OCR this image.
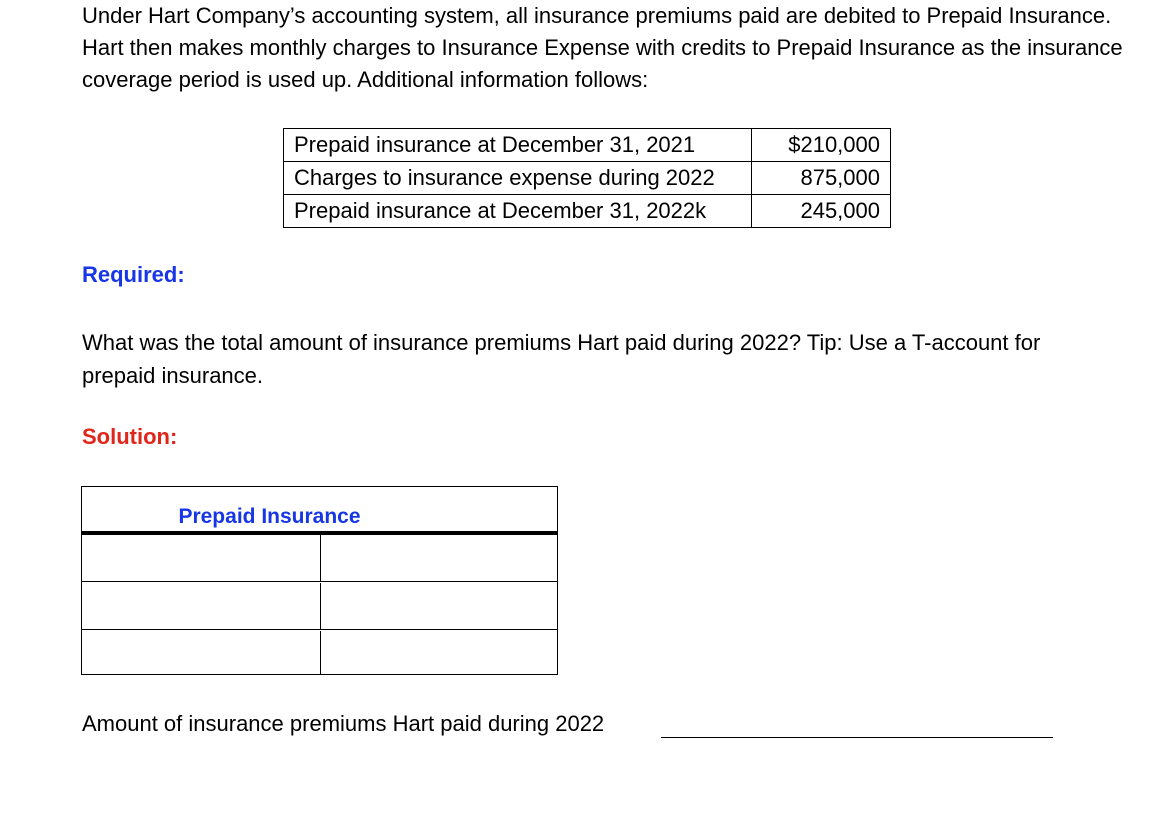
Under Hart Company’s accounting system, all insurance premiums paid are debited to Prepaid Insurance. Hart then makes monthly charges to Insurance Expense with credits to Prepaid Insurance as the insurance coverage period is used up. Additional information follows:

Prepaid insurance at December 31, 2021	$210,000
Charges to insurance expense during 2022	875,000
Prepaid insurance at December 31, 2022k	245,000

Required:

What was the total amount of insurance premiums Hart paid during 2022? Tip: Use a T-account for prepaid insurance.

Solution:

Prepaid Insurance

Amount of insurance premiums Hart paid during 2022
